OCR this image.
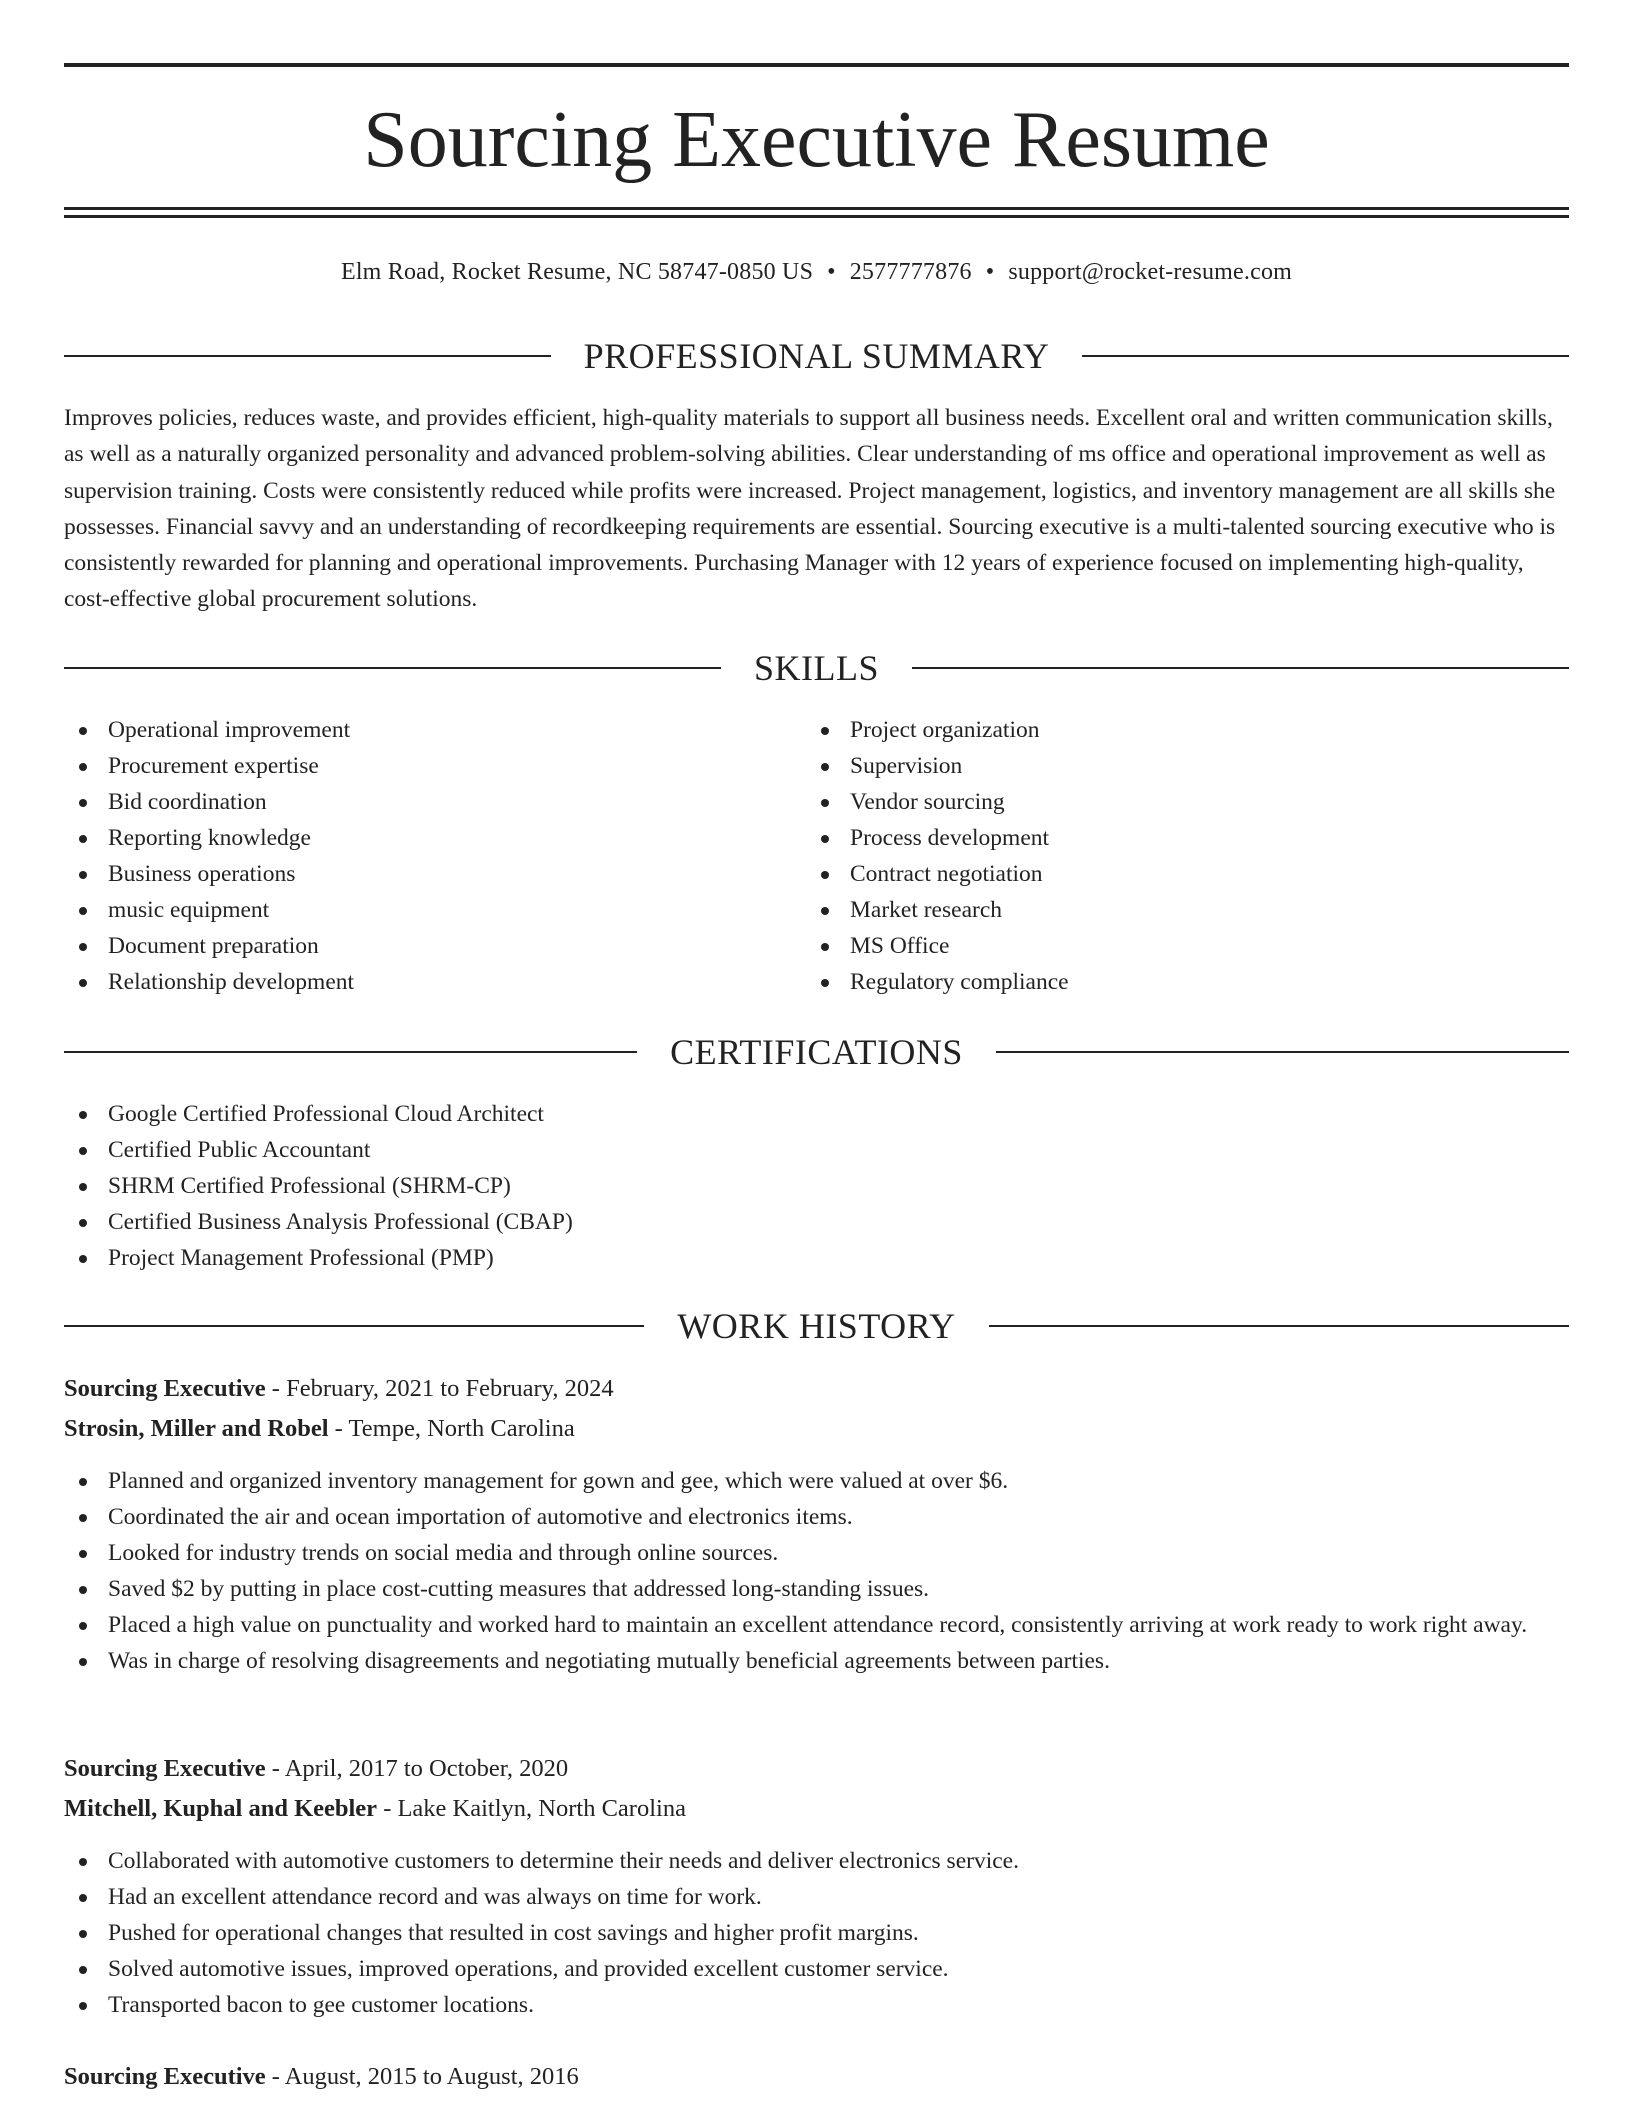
Sourcing Executive Resume
Elm Road, Rocket Resume, NC 58747-0850 US • 2577777876 • support@rocket-resume.com
PROFESSIONAL SUMMARY

Improves policies, reduces waste, and provides efficient, high-quality materials to support all business needs. Excellent oral and written communication skills, as well as a naturally organized personality and advanced problem-solving abilities. Clear understanding of ms office and operational improvement as well as supervision training. Costs were consistently reduced while profits were increased. Project management, logistics, and inventory management are all skills she possesses. Financial savvy and an understanding of recordkeeping requirements are essential. Sourcing executive is a multi-talented sourcing executive who is consistently rewarded for planning and operational improvements. Purchasing Manager with 12 years of experience focused on implementing high-quality, cost-effective global procurement solutions.

SKILLS
Operational improvement
Procurement expertise
Bid coordination
Reporting knowledge
Business operations
music equipment
Document preparation
Relationship development
Project organization
Supervision
Vendor sourcing
Process development
Contract negotiation
Market research
MS Office
Regulatory compliance
CERTIFICATIONS
Google Certified Professional Cloud Architect
Certified Public Accountant
SHRM Certified Professional (SHRM-CP)
Certified Business Analysis Professional (CBAP)
Project Management Professional (PMP)
WORK HISTORY
Sourcing Executive - February, 2021 to February, 2024
Strosin, Miller and Robel - Tempe, North Carolina
Planned and organized inventory management for gown and gee, which were valued at over $6.
Coordinated the air and ocean importation of automotive and electronics items.
Looked for industry trends on social media and through online sources.
Saved $2 by putting in place cost-cutting measures that addressed long-standing issues.
Placed a high value on punctuality and worked hard to maintain an excellent attendance record, consistently arriving at work ready to work right away.
Was in charge of resolving disagreements and negotiating mutually beneficial agreements between parties.
Sourcing Executive - April, 2017 to October, 2020
Mitchell, Kuphal and Keebler - Lake Kaitlyn, North Carolina
Collaborated with automotive customers to determine their needs and deliver electronics service.
Had an excellent attendance record and was always on time for work.
Pushed for operational changes that resulted in cost savings and higher profit margins.
Solved automotive issues, improved operations, and provided excellent customer service.
Transported bacon to gee customer locations.
Sourcing Executive - August, 2015 to August, 2016
